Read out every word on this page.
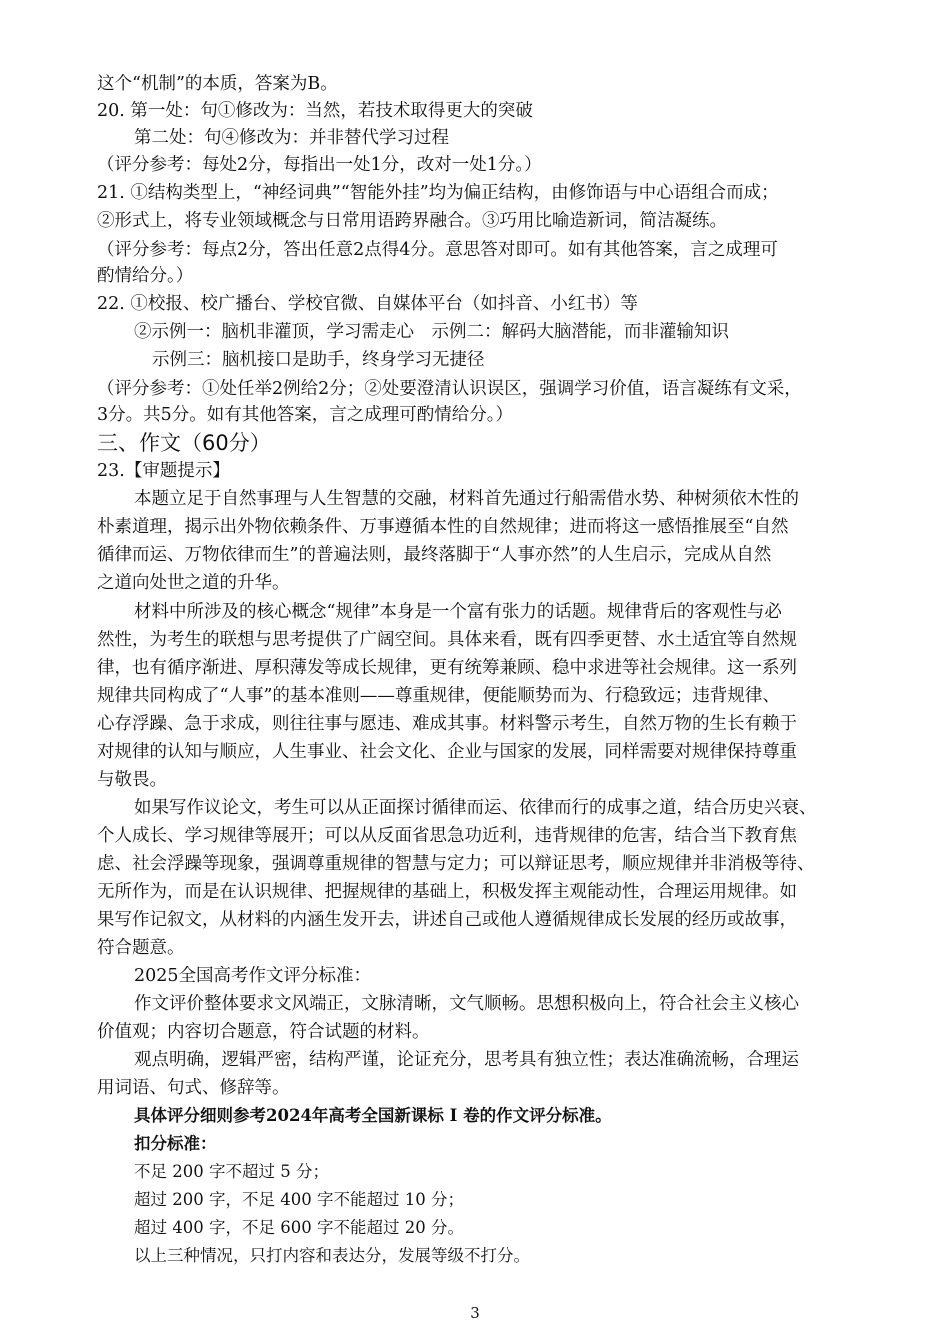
这个“机制”的本质，答案为B。
20. 第一处：句①修改为：当然，若技术取得更大的突破
第二处：句④修改为：并非替代学习过程
（评分参考：每处2分，每指出一处1分，改对一处1分。）
21. ①结构类型上，“神经词典”“智能外挂”均为偏正结构，由修饰语与中心语组合而成；
②形式上，将专业领域概念与日常用语跨界融合。③巧用比喻造新词，简洁凝练。
（评分参考：每点2分，答出任意2点得4分。意思答对即可。如有其他答案，言之成理可
酌情给分。）
22. ①校报、校广播台、学校官微、自媒体平台（如抖音、小红书）等
②示例一：脑机非灌顶，学习需走心　示例二：解码大脑潜能，而非灌输知识
示例三：脑机接口是助手，终身学习无捷径
（评分参考：①处任举2例给2分；②处要澄清认识误区，强调学习价值，语言凝练有文采，
3分。共5分。如有其他答案，言之成理可酌情给分。）
三、作文（60分）
23.【审题提示】
本题立足于自然事理与人生智慧的交融，材料首先通过行船需借水势、种树须依木性的
朴素道理，揭示出外物依赖条件、万事遵循本性的自然规律；进而将这一感悟推展至“自然
循律而运、万物依律而生”的普遍法则，最终落脚于“人事亦然”的人生启示，完成从自然
之道向处世之道的升华。
材料中所涉及的核心概念“规律”本身是一个富有张力的话题。规律背后的客观性与必
然性，为考生的联想与思考提供了广阔空间。具体来看，既有四季更替、水土适宜等自然规
律，也有循序渐进、厚积薄发等成长规律，更有统筹兼顾、稳中求进等社会规律。这一系列
规律共同构成了“人事”的基本准则——尊重规律，便能顺势而为、行稳致远；违背规律、
心存浮躁、急于求成，则往往事与愿违、难成其事。材料警示考生，自然万物的生长有赖于
对规律的认知与顺应，人生事业、社会文化、企业与国家的发展，同样需要对规律保持尊重
与敬畏。
如果写作议论文，考生可以从正面探讨循律而运、依律而行的成事之道，结合历史兴衰、
个人成长、学习规律等展开；可以从反面省思急功近利，违背规律的危害，结合当下教育焦
虑、社会浮躁等现象，强调尊重规律的智慧与定力；可以辩证思考，顺应规律并非消极等待、
无所作为，而是在认识规律、把握规律的基础上，积极发挥主观能动性，合理运用规律。如
果写作记叙文，从材料的内涵生发开去，讲述自己或他人遵循规律成长发展的经历或故事，
符合题意。
2025全国高考作文评分标准：
作文评价整体要求文风端正，文脉清晰，文气顺畅。思想积极向上，符合社会主义核心
价值观；内容切合题意，符合试题的材料。
观点明确，逻辑严密，结构严谨，论证充分，思考具有独立性；表达准确流畅，合理运
用词语、句式、修辞等。
具体评分细则参考2024年高考全国新课标 I 卷的作文评分标准。
扣分标准：
不足 200 字不超过 5 分；
超过 200 字，不足 400 字不能超过 10 分；
超过 400 字，不足 600 字不能超过 20 分。
以上三种情况，只打内容和表达分，发展等级不打分。
3
